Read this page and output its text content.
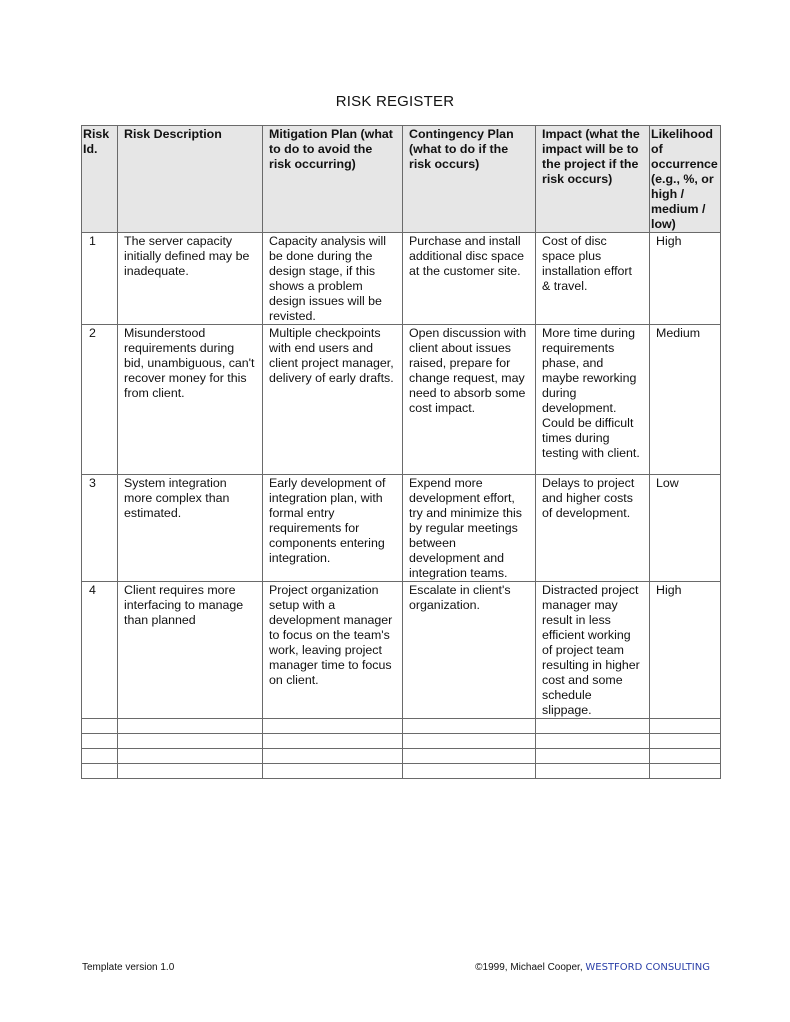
RISK REGISTER
Risk Id.	Risk Description	Mitigation Plan (what to do to avoid the risk occurring)	Contingency Plan (what to do if the risk occurs)	Impact (what the impact will be to the project if the risk occurs)	Likelihood of occurrence (e.g., %, or high / medium / low)
1	The server capacity initially defined may be inadequate.	Capacity analysis will be done during the design stage, if this shows a problem design issues will be revisted.	Purchase and install additional disc space at the customer site.	Cost of disc space plus installation effort & travel.	High
2	Misunderstood requirements during bid, unambiguous, can't recover money for this from client.	Multiple checkpoints with end users and client project manager, delivery of early drafts.	Open discussion with client about issues raised, prepare for change request, may need to absorb some cost impact.	More time during requirements phase, and maybe reworking during development. Could be difficult times during testing with client.	Medium
3	System integration more complex than estimated.	Early development of integration plan, with formal entry requirements for components entering integration.	Expend more development effort, try and minimize this by regular meetings between development and integration teams.	Delays to project and higher costs of development.	Low
4	Client requires more interfacing to manage than planned	Project organization setup with a development manager to focus on the team's work, leaving project manager time to focus on client.	Escalate in client's organization.	Distracted project manager may result in less efficient working of project team resulting in higher cost and some schedule slippage.	High

Template version 1.0	©1999, Michael Cooper, WESTFORD CONSULTING
